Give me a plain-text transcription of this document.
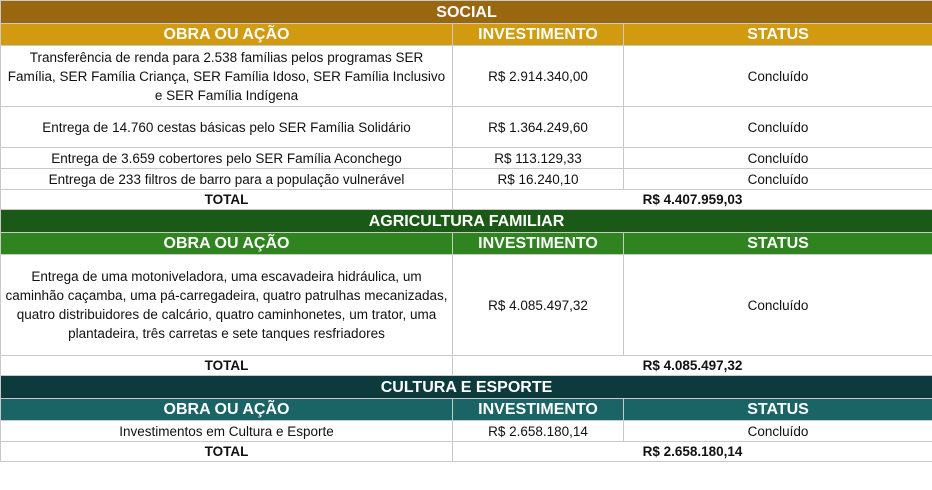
SOCIAL		
OBRA OU AÇÃO	INVESTIMENTO	STATUS
Transferência de renda para 2.538 famílias pelos programas SER Família, SER Família Criança, SER Família Idoso, SER Família Inclusivo e SER Família Indígena	R$ 2.914.340,00	Concluído
Entrega de 14.760 cestas básicas pelo SER Família Solidário	R$ 1.364.249,60	Concluído
Entrega de 3.659 cobertores pelo SER Família Aconchego	R$ 113.129,33	Concluído
Entrega de 233 filtros de barro para a população vulnerável	R$ 16.240,10	Concluído
TOTAL	R$ 4.407.959,03	
AGRICULTURA FAMILIAR		
OBRA OU AÇÃO	INVESTIMENTO	STATUS
Entrega de uma motoniveladora, uma escavadeira hidráulica, um caminhão caçamba, uma pá-carregadeira, quatro patrulhas mecanizadas, quatro distribuidores de calcário, quatro caminhonetes, um trator, uma plantadeira, três carretas e sete tanques resfriadores	R$ 4.085.497,32	Concluído
TOTAL	R$ 4.085.497,32	
CULTURA E ESPORTE		
OBRA OU AÇÃO	INVESTIMENTO	STATUS
Investimentos em Cultura e Esporte	R$ 2.658.180,14	Concluído
TOTAL	R$ 2.658.180,14	
